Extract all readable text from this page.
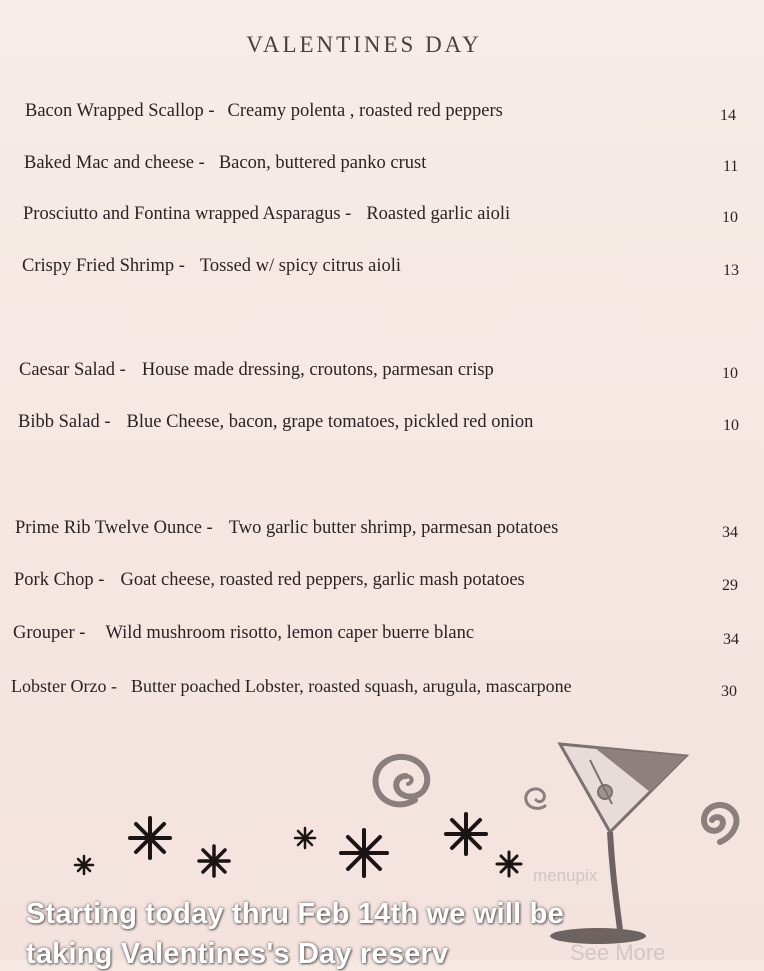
VALENTINES DAY
Bacon Wrapped Scallop - Creamy polenta , roasted red peppers	14
Baked Mac and cheese - Bacon, buttered panko crust	11
Prosciutto and Fontina wrapped Asparagus - Roasted garlic aioli	10
Crispy Fried Shrimp - Tossed w/ spicy citrus aioli	13
Caesar Salad - House made dressing, croutons, parmesan crisp	10
Bibb Salad - Blue Cheese, bacon, grape tomatoes, pickled red onion	10
Prime Rib Twelve Ounce - Two garlic butter shrimp, parmesan potatoes	34
Pork Chop - Goat cheese, roasted red peppers, garlic mash potatoes	29
Grouper - Wild mushroom risotto, lemon caper buerre blanc	34
Lobster Orzo - Butter poached Lobster, roasted squash, arugula, mascarpone	30
menupix
See More
Starting today thru Feb 14th we will be
taking Valentines's Day reserv
